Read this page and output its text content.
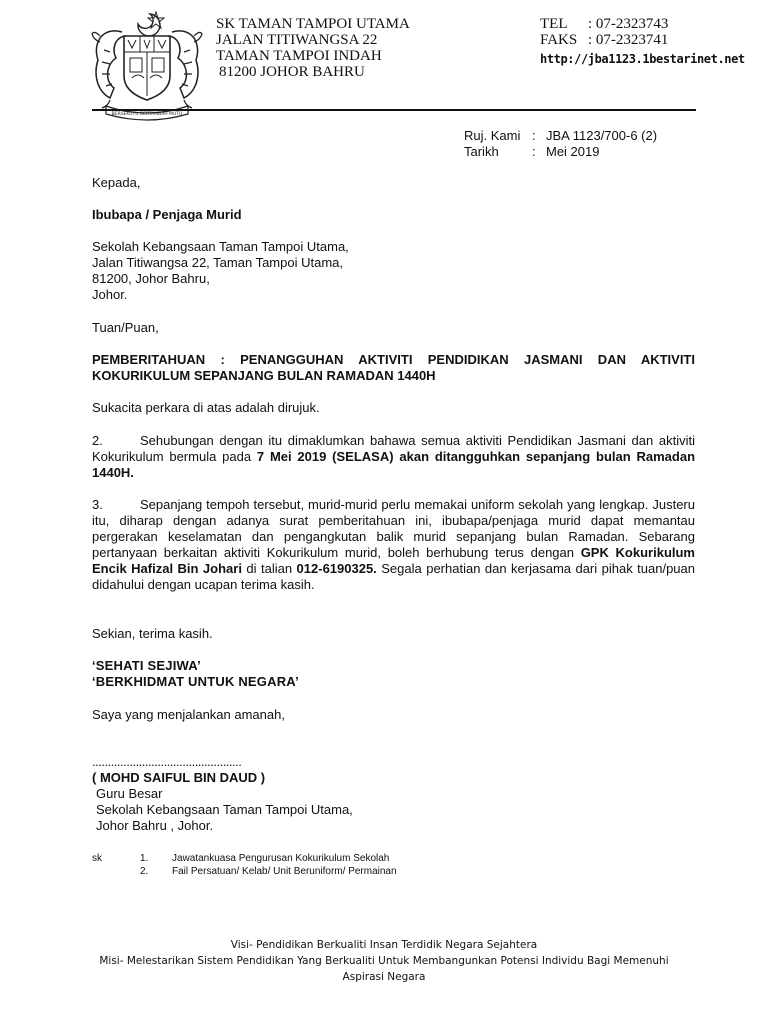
BERSEKUTU BERTAMBAH MUTU
SK TAMAN TAMPOI UTAMA
JALAN TITIWANGSA 22
TAMAN TAMPOI INDAH
81200 JOHOR BAHRU
TEL : 07-2323743
FAKS : 07-2323741
http://jba1123.1bestarinet.net
Ruj. Kami : JBA 1123/700-6 (2)
Tarikh	: Mei 2019
Kepada,
Ibubapa / Penjaga Murid
Sekolah Kebangsaan Taman Tampoi Utama,
Jalan Titiwangsa 22, Taman Tampoi Utama,
81200, Johor Bahru,
Johor.
Tuan/Puan,
PEMBERITAHUAN : PENANGGUHAN AKTIVITI PENDIDIKAN JASMANI DAN AKTIVITI KOKURIKULUM SEPANJANG BULAN RAMADAN 1440H
Sukacita perkara di atas adalah dirujuk.
2.	Sehubungan dengan itu dimaklumkan bahawa semua aktiviti Pendidikan Jasmani dan aktiviti Kokurikulum bermula pada 7 Mei 2019 (SELASA) akan ditangguhkan sepanjang bulan Ramadan 1440H.
3.	Sepanjang tempoh tersebut, murid-murid perlu memakai uniform sekolah yang lengkap. Justeru itu, diharap dengan adanya surat pemberitahuan ini, ibubapa/penjaga murid dapat memantau pergerakan keselamatan dan pengangkutan balik murid sepanjang bulan Ramadan. Sebarang pertanyaan berkaitan aktiviti Kokurikulum murid, boleh berhubung terus dengan GPK Kokurikulum Encik Hafizal Bin Johari di talian 012-6190325. Segala perhatian dan kerjasama dari pihak tuan/puan didahului dengan ucapan terima kasih.
Sekian, terima kasih.
‘SEHATI SEJIWA’
‘BERKHIDMAT UNTUK NEGARA’
Saya yang menjalankan amanah,
................................................
( MOHD SAIFUL BIN DAUD )
Guru Besar
Sekolah Kebangsaan Taman Tampoi Utama,
Johor Bahru , Johor.
sk	1. Jawatankuasa Pengurusan Kokurikulum Sekolah
2. Fail Persatuan/ Kelab/ Unit Beruniform/ Permainan
Visi- Pendidikan Berkualiti Insan Terdidik Negara Sejahtera
Misi- Melestarikan Sistem Pendidikan Yang Berkualiti Untuk Membangunkan Potensi Individu Bagi Memenuhi
Aspirasi Negara
